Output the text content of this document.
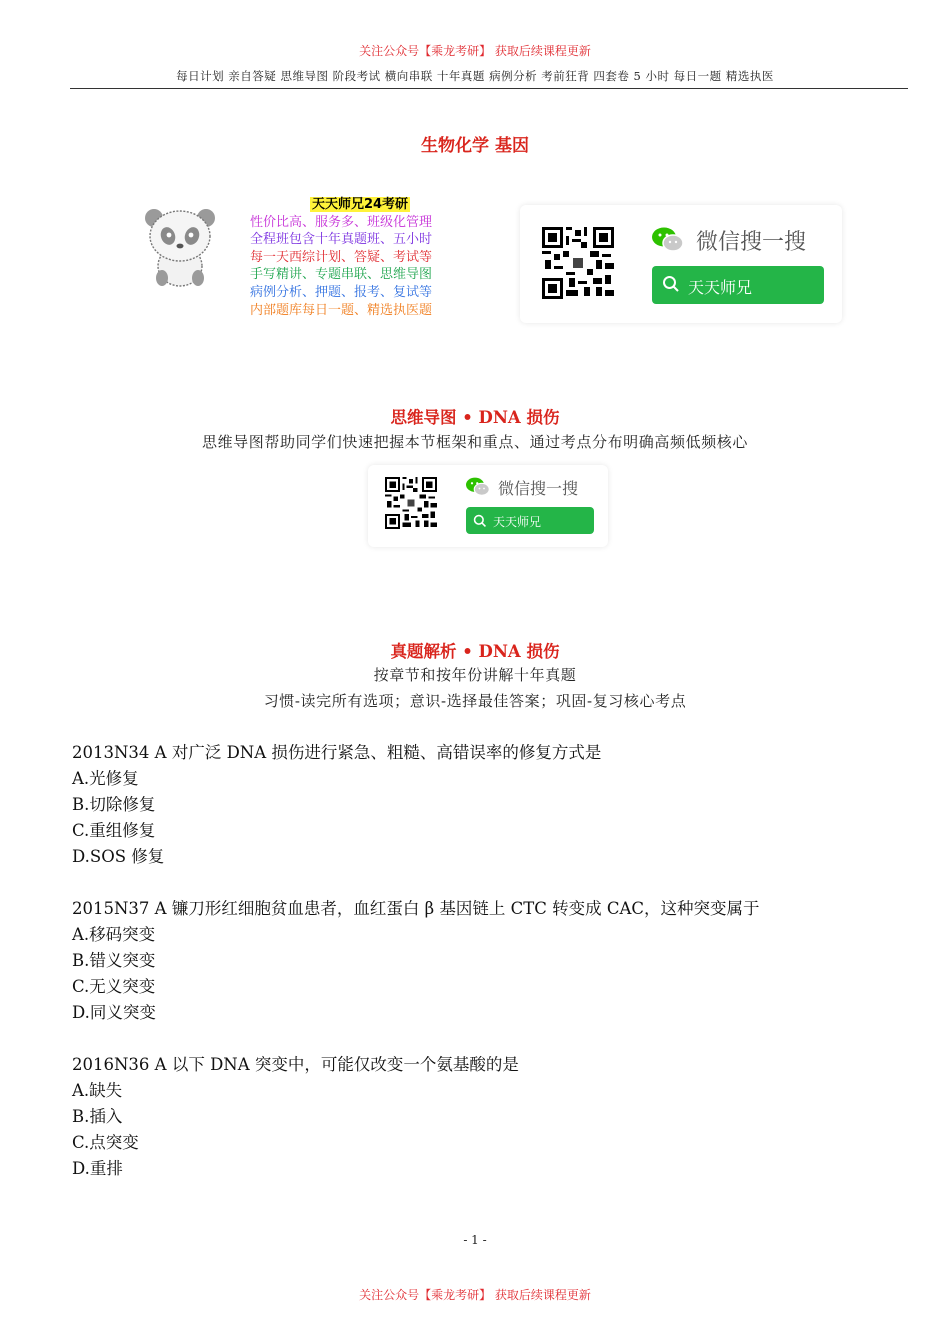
关注公众号【乘龙考研】 获取后续课程更新
每日计划 亲自答疑 思维导图 阶段考试 横向串联 十年真题 病例分析 考前狂背 四套卷 5 小时 每日一题 精选执医
生物化学 基因
天天师兄24考研
性价比高、服务多、班级化管理
全程班包含十年真题班、五小时
每一天西综计划、答疑、考试等
手写精讲、专题串联、思维导图
病例分析、押题、报考、复试等
内部题库每日一题、精选执医题
微信搜一搜
天天师兄
思维导图 • DNA 损伤
思维导图帮助同学们快速把握本节框架和重点、通过考点分布明确高频低频核心
微信搜一搜
天天师兄
真题解析 • DNA 损伤
按章节和按年份讲解十年真题
习惯-读完所有选项；意识-选择最佳答案；巩固-复习核心考点
2013N34 A 对广泛 DNA 损伤进行紧急、粗糙、高错误率的修复方式是
A.光修复
B.切除修复
C.重组修复
D.SOS 修复
2015N37 A 镰刀形红细胞贫血患者，血红蛋白 β 基因链上 CTC 转变成 CAC，这种突变属于
A.移码突变
B.错义突变
C.无义突变
D.同义突变
2016N36 A 以下 DNA 突变中，可能仅改变一个氨基酸的是
A.缺失
B.插入
C.点突变
D.重排
- 1 -
关注公众号【乘龙考研】 获取后续课程更新
